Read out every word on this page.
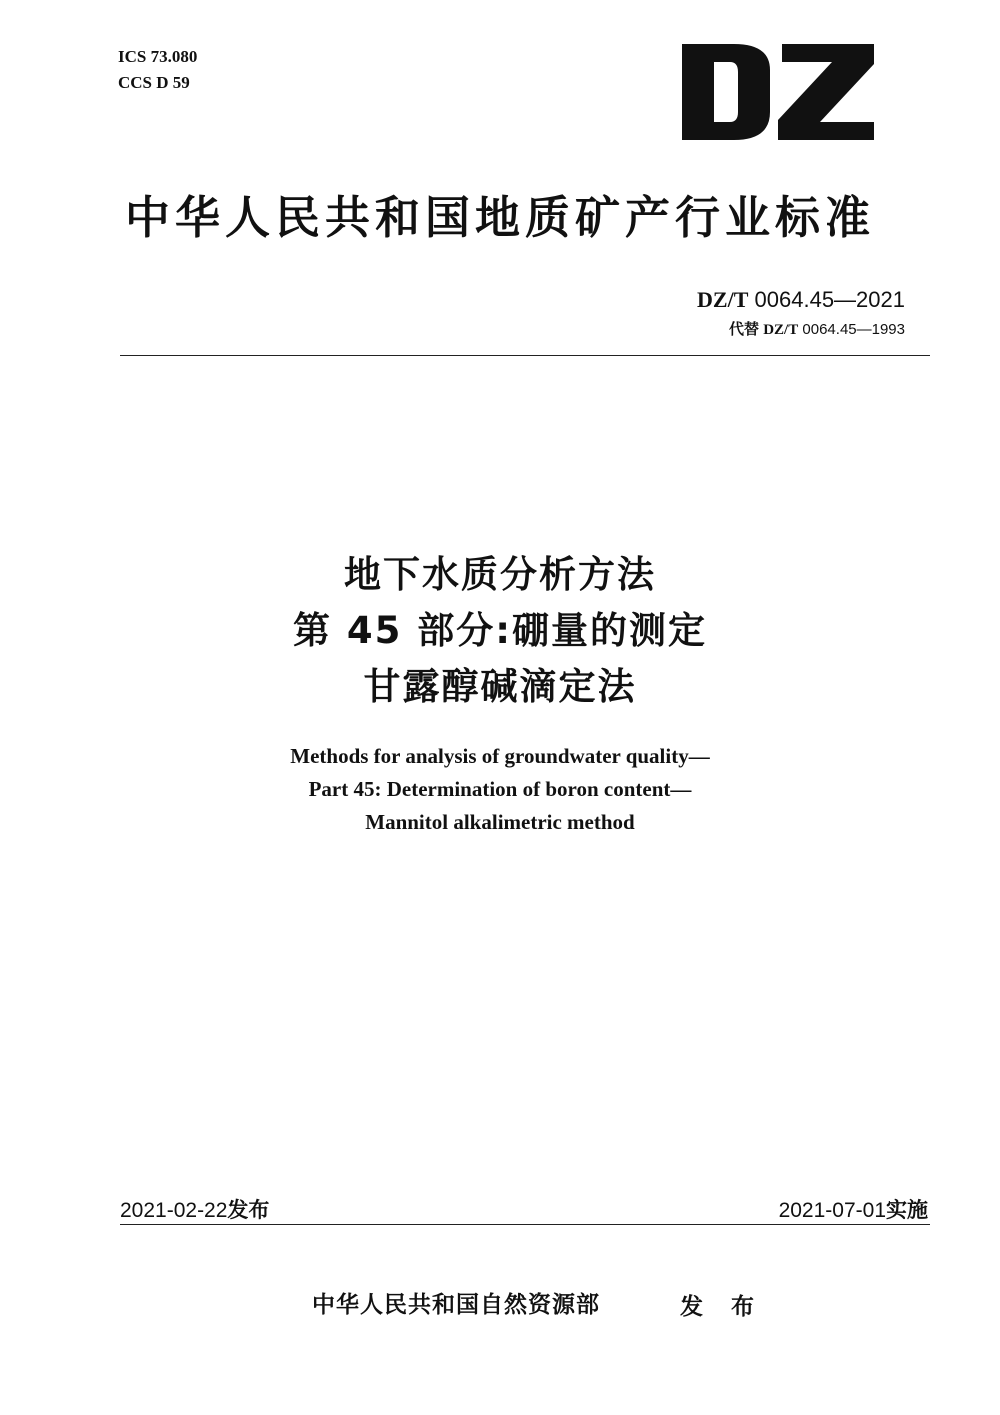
ICS 73.080
CCS D 59
中华人民共和国地质矿产行业标准
DZ/T 0064.45—2021
代替 DZ/T 0064.45—1993
地下水质分析方法
第 45 部分:硼量的测定
甘露醇碱滴定法
Methods for analysis of groundwater quality—
Part 45: Determination of boron content—
Mannitol alkalimetric method
2021-02-22发布	2021-07-01实施
中华人民共和国自然资源部	发 布
